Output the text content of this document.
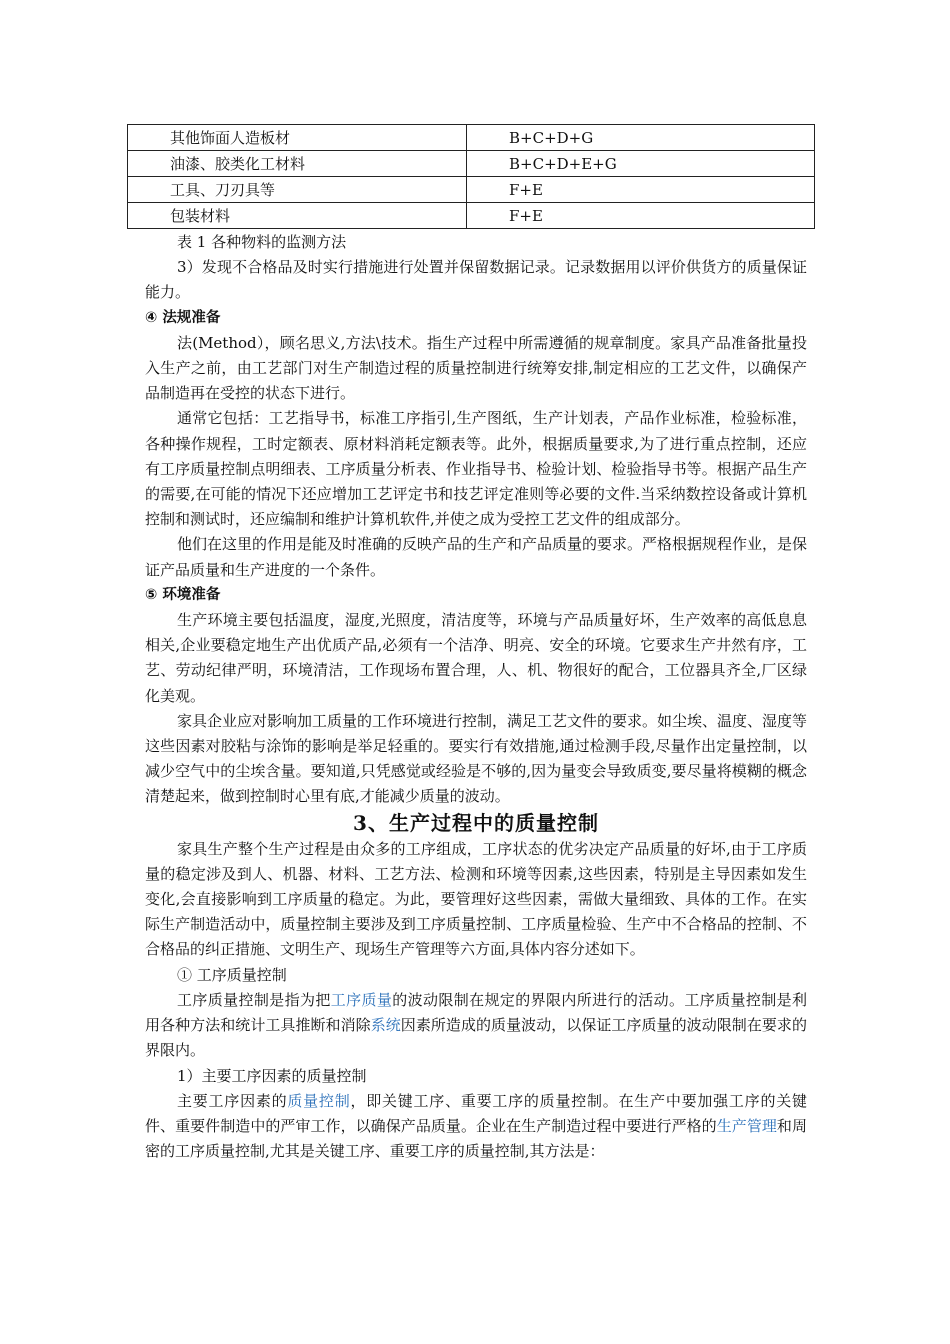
其他饰面人造板材	B+C+D+G
油漆、胶类化工材料	B+C+D+E+G
工具、刀刃具等	F+E
包装材料	F+E

表 1 各种物料的监测方法

3）发现不合格品及时实行措施进行处置并保留数据记录。记录数据用以评价供货方的质量保证能力。

④ 法规准备

法(Method），顾名思义,方法\技术。指生产过程中所需遵循的规章制度。家具产品准备批量投入生产之前，由工艺部门对生产制造过程的质量控制进行统筹安排,制定相应的工艺文件，以确保产品制造再在受控的状态下进行。

通常它包括：工艺指导书，标准工序指引,生产图纸，生产计划表，产品作业标准，检验标准，各种操作规程，工时定额表、原材料消耗定额表等。此外，根据质量要求,为了进行重点控制，还应有工序质量控制点明细表、工序质量分析表、作业指导书、检验计划、检验指导书等。根据产品生产的需要,在可能的情况下还应增加工艺评定书和技艺评定准则等必要的文件.当采纳数控设备或计算机控制和测试时，还应编制和维护计算机软件,并使之成为受控工艺文件的组成部分。

他们在这里的作用是能及时准确的反映产品的生产和产品质量的要求。严格根据规程作业，是保证产品质量和生产进度的一个条件。

⑤ 环境准备

生产环境主要包括温度，湿度,光照度，清洁度等，环境与产品质量好坏，生产效率的高低息息相关,企业要稳定地生产出优质产品,必须有一个洁净、明亮、安全的环境。它要求生产井然有序，工艺、劳动纪律严明，环境清洁，工作现场布置合理，人、机、物很好的配合，工位器具齐全,厂区绿化美观。

家具企业应对影响加工质量的工作环境进行控制，满足工艺文件的要求。如尘埃、温度、湿度等这些因素对胶粘与涂饰的影响是举足轻重的。要实行有效措施,通过检测手段,尽量作出定量控制，以减少空气中的尘埃含量。要知道,只凭感觉或经验是不够的,因为量变会导致质变,要尽量将模糊的概念清楚起来，做到控制时心里有底,才能减少质量的波动。

3、生产过程中的质量控制

家具生产整个生产过程是由众多的工序组成，工序状态的优劣决定产品质量的好坏,由于工序质量的稳定涉及到人、机器、材料、工艺方法、检测和环境等因素,这些因素，特别是主导因素如发生变化,会直接影响到工序质量的稳定。为此，要管理好这些因素，需做大量细致、具体的工作。在实际生产制造活动中，质量控制主要涉及到工序质量控制、工序质量检验、生产中不合格品的控制、不合格品的纠正措施、文明生产、现场生产管理等六方面,具体内容分述如下。

① 工序质量控制

工序质量控制是指为把工序质量的波动限制在规定的界限内所进行的活动。工序质量控制是利用各种方法和统计工具推断和消除系统因素所造成的质量波动，以保证工序质量的波动限制在要求的界限内。

1）主要工序因素的质量控制

主要工序因素的质量控制，即关键工序、重要工序的质量控制。在生产中要加强工序的关键件、重要件制造中的严审工作，以确保产品质量。企业在生产制造过程中要进行严格的生产管理和周密的工序质量控制,尤其是关键工序、重要工序的质量控制,其方法是：
